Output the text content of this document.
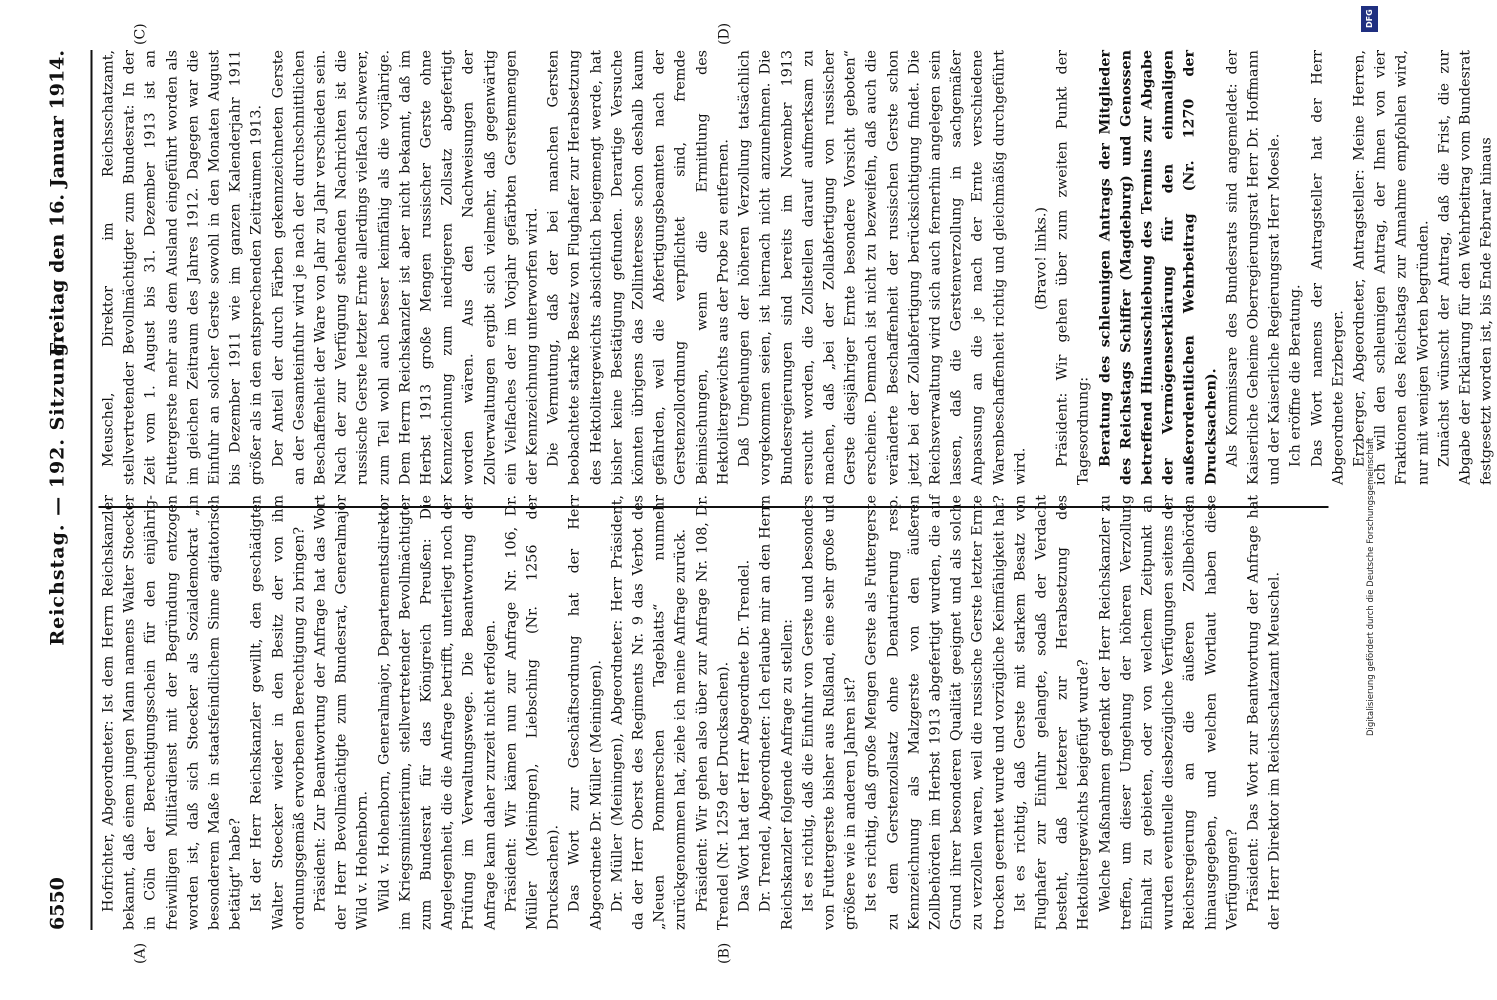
DFG
Digitalisierung gefördert durch die Deutsche Forschungsgemeinschaft
6550
Reichstag. — 192. Sitzung.
Freitag den 16. Januar 1914.
(A)	(B)
(C)	(D)

Hofrichter, Abgeordneter: Ist dem Herrn Reichskanzler bekannt, daß einem jungen Mann namens Walter Stoecker in Cöln der Berechtigungsschein für den einjährig-freiwilligen Militärdienst mit der Begründung entzogen worden ist, daß sich Stoecker als Sozialdemokrat „in besonderem Maße in staatsfeindlichem Sinne agitatorisch betätigt“ habe? Ist der Herr Reichskanzler gewillt, den geschädigten Walter Stoecker wieder in den Besitz der von ihm ordnungsgemäß erworbenen Berechtigung zu bringen? Präsident: Zur Beantwortung der Anfrage hat das Wort der Herr Bevollmächtigte zum Bundesrat, Generalmajor Wild v. Hohenborn. Wild v. Hohenborn, Generalmajor, Departementsdirektor im Kriegsministerium, stellvertretender Bevollmächtigter zum Bundesrat für das Königreich Preußen: Die Angelegenheit, die die Anfrage betrifft, unterliegt noch der Prüfung im Verwaltungswege. Die Beantwortung der Anfrage kann daher zurzeit nicht erfolgen. Präsident: Wir kämen nun zur Anfrage Nr. 106, Dr. Müller (Meiningen), Liebsching (Nr. 1256 der Drucksachen). Das Wort zur Geschäftsordnung hat der Herr Abgeordnete Dr. Müller (Meiningen). Dr. Müller (Meiningen), Abgeordneter: Herr Präsident, da der Herr Oberst des Regiments Nr. 9 das Verbot des „Neuen Pommerschen Tageblatts“ nunmehr zurückgenommen hat, ziehe ich meine Anfrage zurück. Präsident: Wir gehen also über zur Anfrage Nr. 108, Dr. Trendel (Nr. 1259 der Drucksachen). Das Wort hat der Herr Abgeordnete Dr. Trendel. Dr. Trendel, Abgeordneter: Ich erlaube mir an den Herrn Reichskanzler folgende Anfrage zu stellen: Ist es richtig, daß die Einfuhr von Gerste und besonders von Futtergerste bisher aus Rußland, eine sehr große und größere wie in anderen Jahren ist? Ist es richtig, daß große Mengen Gerste als Futtergerste zu dem Gerstenzollsatz ohne Denaturierung resp. Kennzeichnung als Malzgerste von den äußeren Zollbehörden im Herbst 1913 abgefertigt wurden, die auf Grund ihrer besonderen Qualität geeignet und als solche zu verzollen waren, weil die russische Gerste letzter Ernte trocken geerntet wurde und vorzügliche Keimfähigkeit hat? Ist es richtig, daß Gerste mit starkem Besatz von Flughafer zur Einfuhr gelangte, sodaß der Verdacht besteht, daß letzterer zur Herabsetzung des Hektolitergewichts beigefügt wurde? Welche Maßnahmen gedenkt der Herr Reichskanzler zu treffen, um dieser Umgehung der höheren Verzollung Einhalt zu gebieten, oder von welchem Zeitpunkt an wurden eventuelle diesbezügliche Verfügungen seitens der Reichsregierung an die äußeren Zollbehörden hinausgegeben, und welchen Wortlaut haben diese Verfügungen? Präsident: Das Wort zur Beantwortung der Anfrage hat der Herr Direktor im Reichsschatzamt Meuschel.

Meuschel, Direktor im Reichsschatzamt, stellvertretender Bevollmächtigter zum Bundesrat: In der Zeit vom 1. August bis 31. Dezember 1913 ist an Futtergerste mehr aus dem Ausland eingeführt worden als im gleichen Zeitraum des Jahres 1912. Dagegen war die Einfuhr an solcher Gerste sowohl in den Monaten August bis Dezember 1911 wie im ganzen Kalenderjahr 1911 größer als in den entsprechenden Zeiträumen 1913. Der Anteil der durch Färben gekennzeichneten Gerste an der Gesamteinfuhr wird je nach der durchschnittlichen Beschaffenheit der Ware von Jahr zu Jahr verschieden sein. Nach der zur Verfügung stehenden Nachrichten ist die russische Gerste letzter Ernte allerdings vielfach schwerer, zum Teil wohl auch besser keimfähig als die vorjährige. Dem Herrn Reichskanzler ist aber nicht bekannt, daß im Herbst 1913 große Mengen russischer Gerste ohne Kennzeichnung zum niedrigeren Zollsatz abgefertigt worden wären. Aus den Nachweisungen der Zollverwaltungen ergibt sich vielmehr, daß gegenwärtig ein Vielfaches der im Vorjahr gefärbten Gerstenmengen der Kennzeichnung unterworfen wird. Die Vermutung, daß der bei manchen Gersten beobachtete starke Besatz von Flughafer zur Herabsetzung des Hektolitergewichts absichtlich beigemengt werde, hat bisher keine Bestätigung gefunden. Derartige Versuche könnten übrigens das Zollinteresse schon deshalb kaum gefährden, weil die Abfertigungsbeamten nach der Gerstenzollordnung verpflichtet sind, fremde Beimischungen, wenn die Ermittlung des Hektolitergewichts aus der Probe zu entfernen. Daß Umgehungen der höheren Verzollung tatsächlich vorgekommen seien, ist hiernach nicht anzunehmen. Die Bundesregierungen sind bereits im November 1913 ersucht worden, die Zollstellen darauf aufmerksam zu machen, daß „bei der Zollabfertigung von russischer Gerste diesjähriger Ernte besondere Vorsicht geboten“ erscheine. Demnach ist nicht zu bezweifeln, daß auch die veränderte Beschaffenheit der russischen Gerste schon jetzt bei der Zollabfertigung berücksichtigung findet. Die Reichsverwaltung wird sich auch fernerhin angelegen sein lassen, daß die Gerstenverzollung in sachgemäßer Anpassung an die je nach der Ernte verschiedene Warenbeschaffenheit richtig und gleichmäßig durchgeführt wird.

(Bravo! links.) Präsident: Wir gehen über zum zweiten Punkt der Tagesordnung: Beratung des schleunigen Antrags der Mitglieder des Reichstags Schiffer (Magdeburg) und Genossen betreffend Hinausschiebung des Termins zur Abgabe der Vermögenserklärung für den einmaligen außerordentlichen Wehrbeitrag (Nr. 1270 der Drucksachen). Als Kommissare des Bundesrats sind angemeldet: der Kaiserliche Geheime Oberregierungsrat Herr Dr. Hoffmann und der Kaiserliche Regierungsrat Herr Moesle. Ich eröffne die Beratung. Das Wort namens der Antragsteller hat der Herr Abgeordnete Erzberger. Erzberger, Abgeordneter, Antragsteller: Meine Herren, ich will den schleunigen Antrag, der Ihnen von vier Fraktionen des Reichstags zur Annahme empfohlen wird, nur mit wenigen Worten begründen. Zunächst wünscht der Antrag, daß die Frist, die zur Abgabe der Erklärung für den Wehrbeitrag vom Bundesrat festgesetzt worden ist, bis Ende Februar hinaus
